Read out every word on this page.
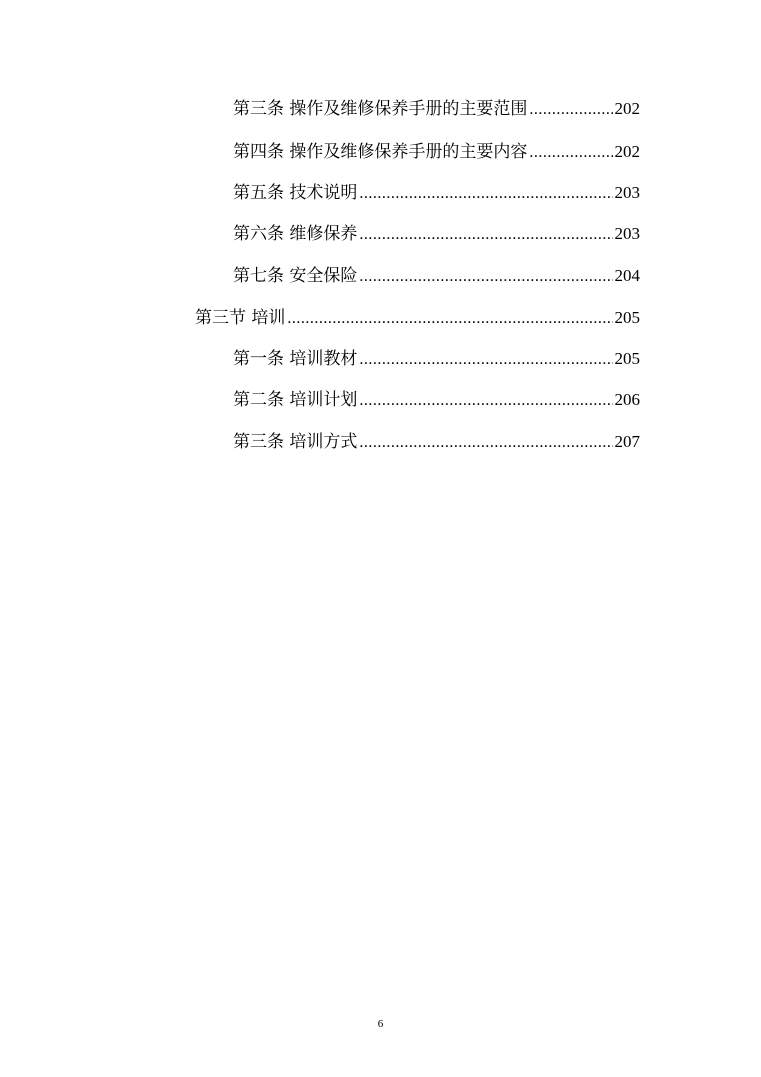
第三条 操作及维修保养手册的主要范围 .....	202
第四条 操作及维修保养手册的主要内容 .....	202
第五条 技术说明 .....	203
第六条 维修保养 .....	203
第七条 安全保险 .....	204
第三节 培训 .....	205
第一条 培训教材 .....	205
第二条 培训计划 .....	206
第三条 培训方式 .....	207
6
